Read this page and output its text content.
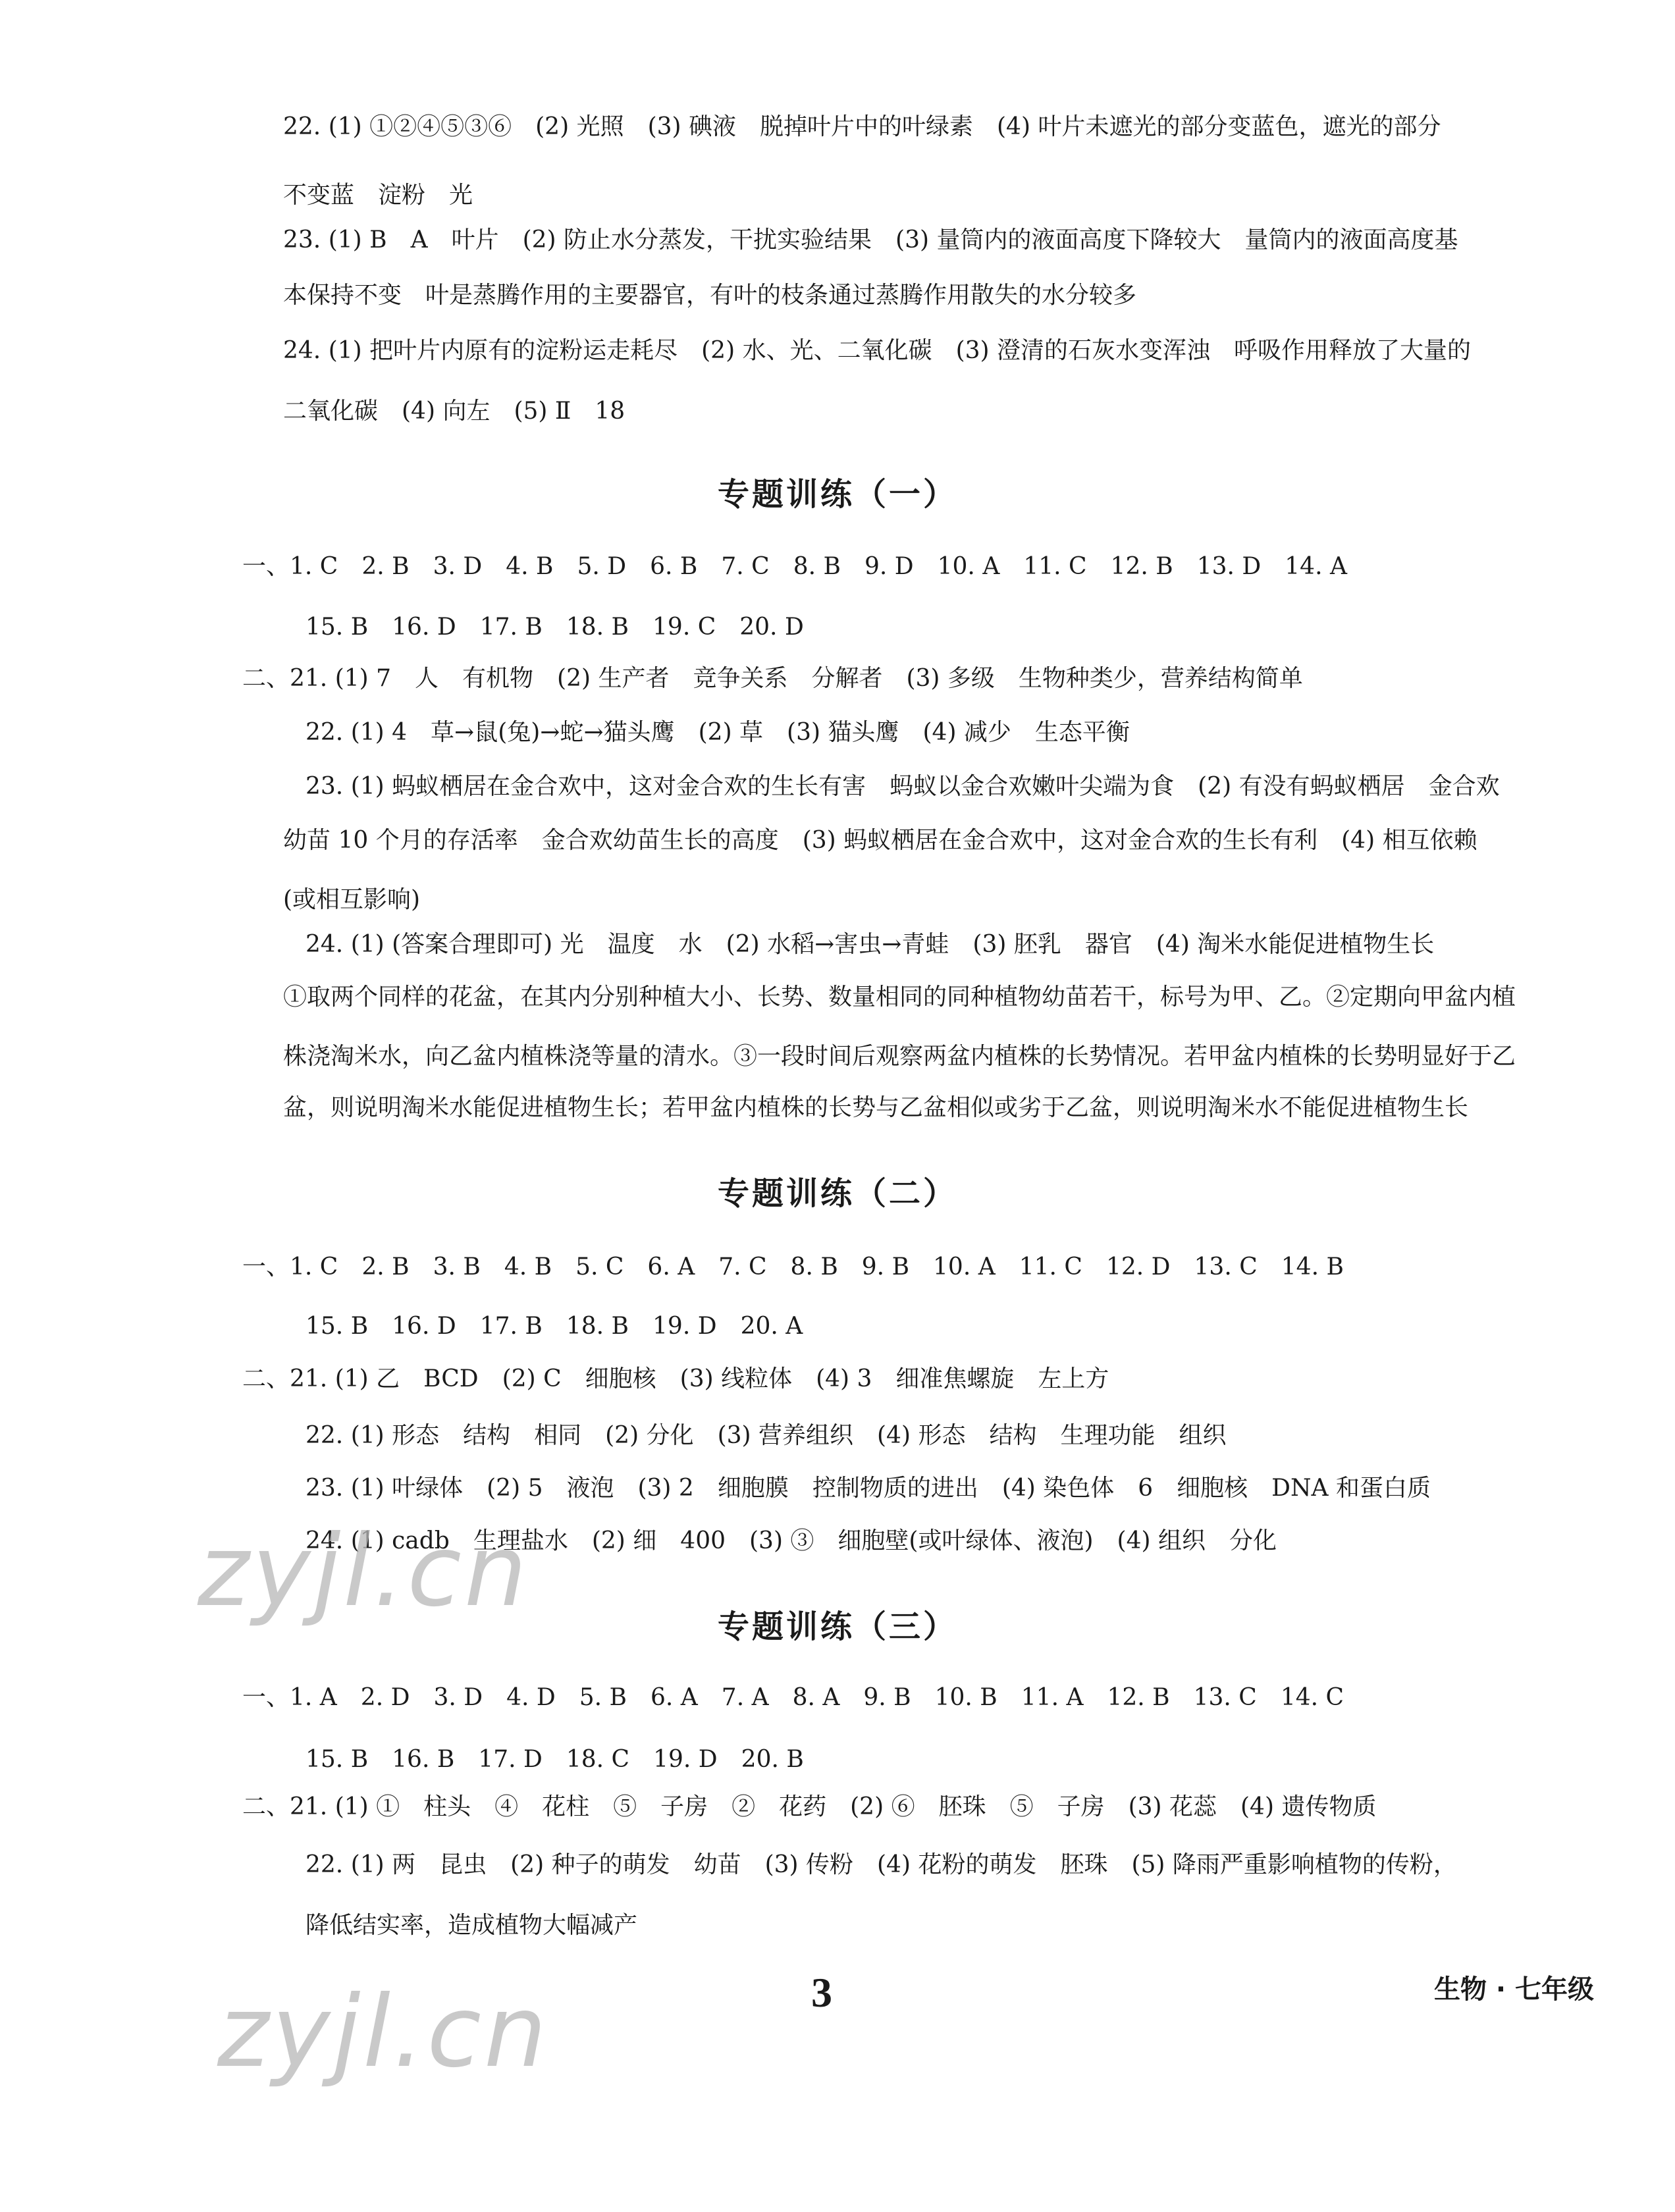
22. (1) ①②④⑤③⑥　(2) 光照　(3) 碘液　脱掉叶片中的叶绿素　(4) 叶片未遮光的部分变蓝色，遮光的部分
不变蓝　淀粉　光
23. (1) B　A　叶片　(2) 防止水分蒸发，干扰实验结果　(3) 量筒内的液面高度下降较大　量筒内的液面高度基
本保持不变　叶是蒸腾作用的主要器官，有叶的枝条通过蒸腾作用散失的水分较多
24. (1) 把叶片内原有的淀粉运走耗尽　(2) 水、光、二氧化碳　(3) 澄清的石灰水变浑浊　呼吸作用释放了大量的
二氧化碳　(4) 向左　(5) Ⅱ　18
专题训练（一）
一、1. C　2. B　3. D　4. B　5. D　6. B　7. C　8. B　9. D　10. A　11. C　12. B　13. D　14. A
15. B　16. D　17. B　18. B　19. C　20. D
二、21. (1) 7　人　有机物　(2) 生产者　竞争关系　分解者　(3) 多级　生物种类少，营养结构简单
22. (1) 4　草→鼠(兔)→蛇→猫头鹰　(2) 草　(3) 猫头鹰　(4) 减少　生态平衡
23. (1) 蚂蚁栖居在金合欢中，这对金合欢的生长有害　蚂蚁以金合欢嫩叶尖端为食　(2) 有没有蚂蚁栖居　金合欢
幼苗 10 个月的存活率　金合欢幼苗生长的高度　(3) 蚂蚁栖居在金合欢中，这对金合欢的生长有利　(4) 相互依赖
(或相互影响)
24. (1) (答案合理即可) 光　温度　水　(2) 水稻→害虫→青蛙　(3) 胚乳　器官　(4) 淘米水能促进植物生长
①取两个同样的花盆，在其内分别种植大小、长势、数量相同的同种植物幼苗若干，标号为甲、乙。②定期向甲盆内植
株浇淘米水，向乙盆内植株浇等量的清水。③一段时间后观察两盆内植株的长势情况。若甲盆内植株的长势明显好于乙
盆，则说明淘米水能促进植物生长；若甲盆内植株的长势与乙盆相似或劣于乙盆，则说明淘米水不能促进植物生长
专题训练（二）
一、1. C　2. B　3. B　4. B　5. C　6. A　7. C　8. B　9. B　10. A　11. C　12. D　13. C　14. B
15. B　16. D　17. B　18. B　19. D　20. A
二、21. (1) 乙　BCD　(2) C　细胞核　(3) 线粒体　(4) 3　细准焦螺旋　左上方
22. (1) 形态　结构　相同　(2) 分化　(3) 营养组织　(4) 形态　结构　生理功能　组织
23. (1) 叶绿体　(2) 5　液泡　(3) 2　细胞膜　控制物质的进出　(4) 染色体　6　细胞核　DNA 和蛋白质
24. (1) cadb　生理盐水　(2) 细　400　(3) ③　细胞壁(或叶绿体、液泡)　(4) 组织　分化
专题训练（三）
一、1. A　2. D　3. D　4. D　5. B　6. A　7. A　8. A　9. B　10. B　11. A　12. B　13. C　14. C
15. B　16. B　17. D　18. C　19. D　20. B
二、21. (1) ①　柱头　④　花柱　⑤　子房　②　花药　(2) ⑥　胚珠　⑤　子房　(3) 花蕊　(4) 遗传物质
22. (1) 两　昆虫　(2) 种子的萌发　幼苗　(3) 传粉　(4) 花粉的萌发　胚珠　(5) 降雨严重影响植物的传粉，
降低结实率，造成植物大幅减产
3	生物 · 七年级
zyjl.cn
zyjl.cn
